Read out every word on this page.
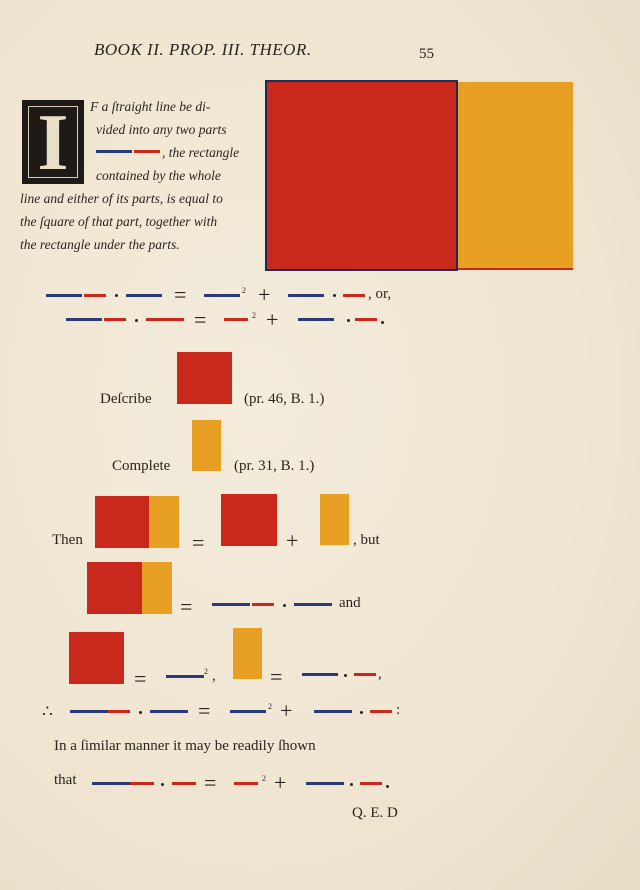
BOOK II. PROP. III. THEOR.	55
I	F a ſtraight line be di-
vided into any two parts
, the rectangle
contained by the whole
line and either of its parts, is equal to
the ſquare of that part, together with
the rectangle under the parts.
=	2 +	, or,
=	2 +
Deſcribe	(pr. 46, B. 1.)
Complete	(pr. 31, B. 1.)
Then	=	+	, but
=	and
=	2 , =	,
∴	=	2 +	:
In a ſimilar manner it may be readily ſhown
that	=	2 +
Q. E. D
